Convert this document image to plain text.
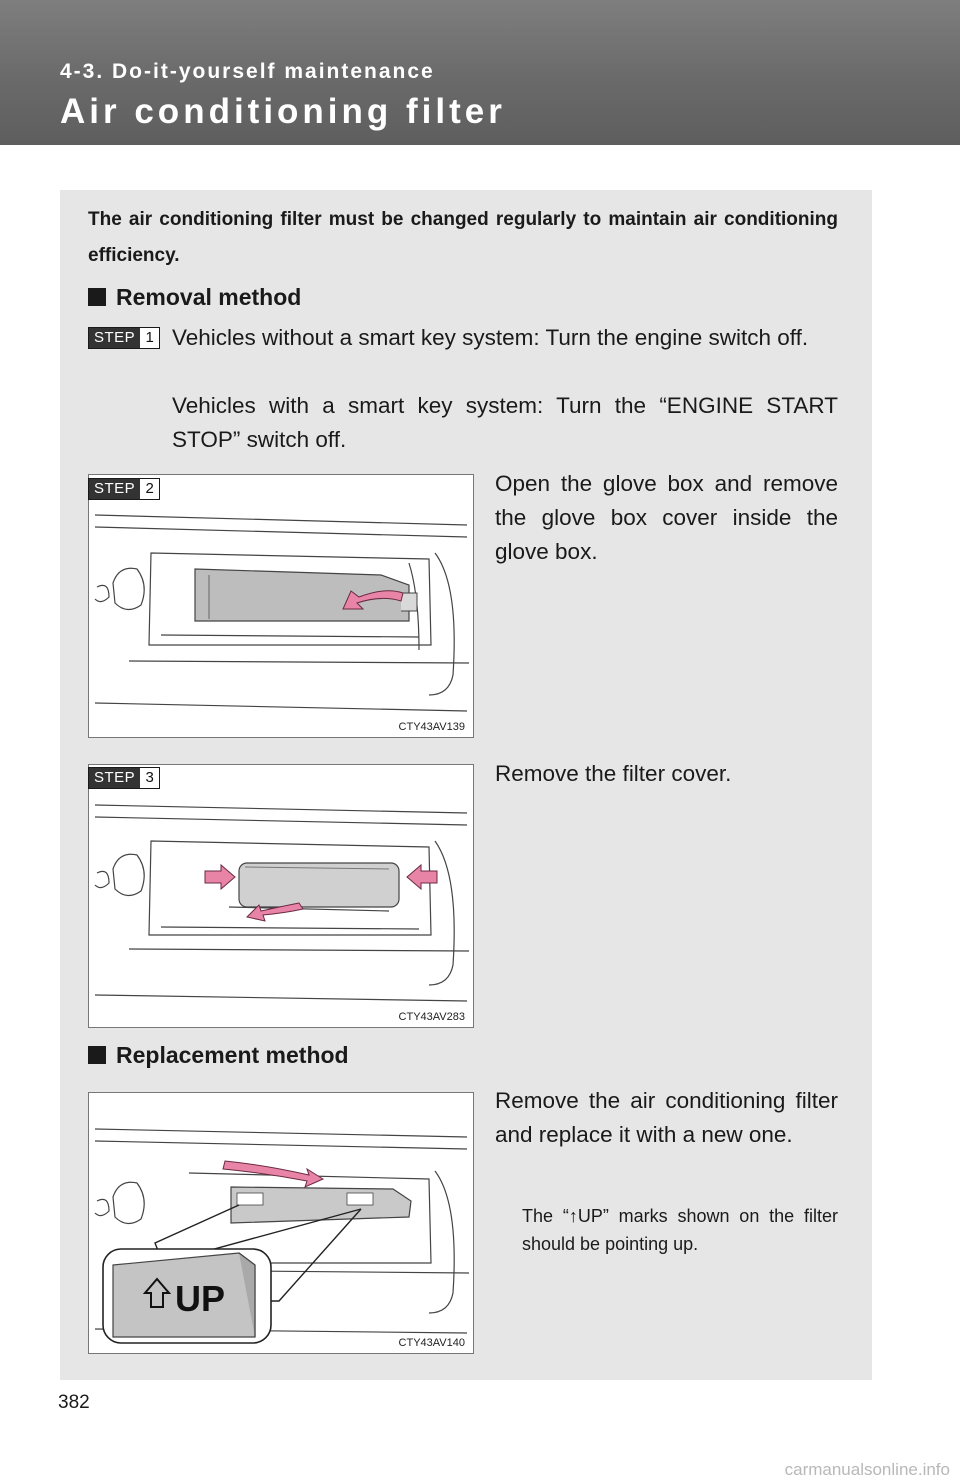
4-3. Do-it-yourself maintenance
Air conditioning filter

The air conditioning filter must be changed regularly to maintain air conditioning efficiency.

Removal method
STEP 1 Vehicles without a smart key system: Turn the engine switch off.

Vehicles with a smart key system: Turn the “ENGINE START STOP” switch off.

CTY43AV139
STEP 2	Open the glove box and remove the glove box cover inside the glove box.

CTY43AV283
STEP 3	Remove the filter cover.

Replacement method
UP
CTY43AV140

Remove the air conditioning filter and replace it with a new one.

The “↑UP” marks shown on the filter should be pointing up.

382

carmanualsonline.info
